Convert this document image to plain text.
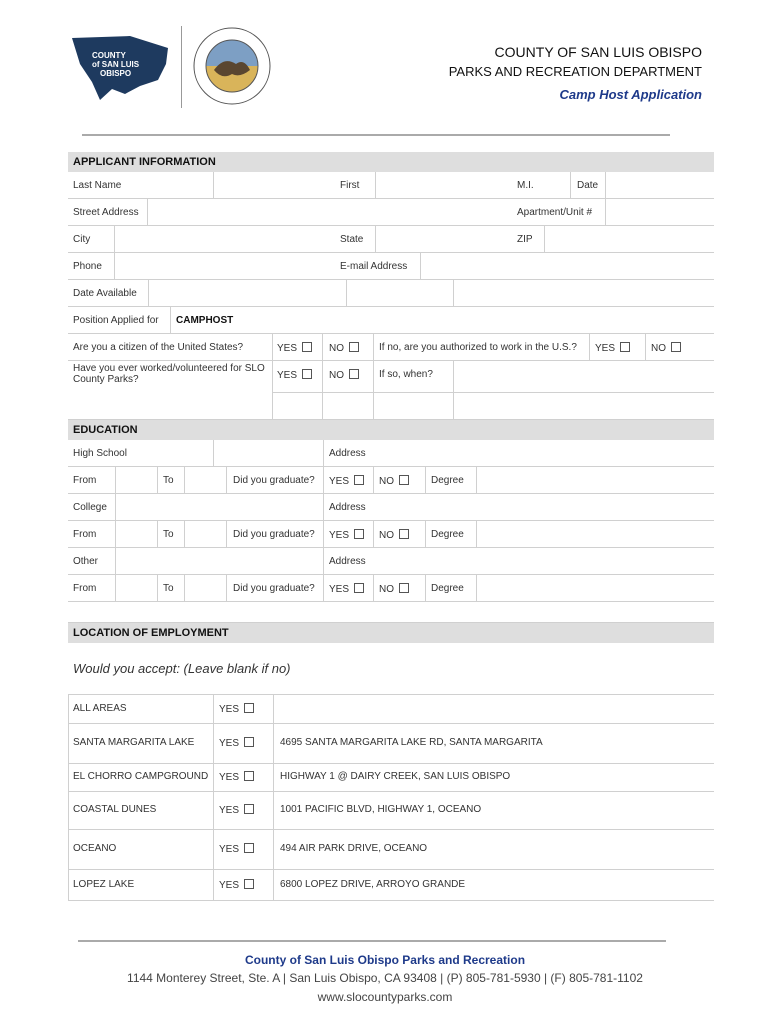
COUNTY
of SAN LUIS
OBISPO
COUNTY OF SAN LUIS OBISPO
PARKS AND RECREATION DEPARTMENT
Camp Host Application
APPLICANT INFORMATION
Last Name	First	M.I.	Date
Street Address	Apartment/Unit #
City	State	ZIP
Phone	E-mail Address
Date Available
Position Applied for CAMPHOST
Are you a citizen of the United States?	YES	NO	If no, are you authorized to work in the U.S.? YES	NO
Have you ever worked/volunteered for SLO County Parks?	YES	NO	If so, when?
EDUCATION
High School	Address
From	To	Did you graduate? YES	NO	Degree
College	Address
From	To	Did you graduate? YES	NO	Degree
Other	Address
From	To	Did you graduate? YES	NO	Degree
LOCATION OF EMPLOYMENT
Would you accept: (Leave blank if no)
ALL AREAS	YES
SANTA MARGARITA LAKE YES	4695 SANTA MARGARITA LAKE RD, SANTA MARGARITA
EL CHORRO CAMPGROUND YES	HIGHWAY 1 @ DAIRY CREEK, SAN LUIS OBISPO
COASTAL DUNES	YES	1001 PACIFIC BLVD, HIGHWAY 1, OCEANO
OCEANO	YES	494 AIR PARK DRIVE, OCEANO
LOPEZ LAKE	YES	6800 LOPEZ DRIVE, ARROYO GRANDE
County of San Luis Obispo Parks and Recreation
1144 Monterey Street, Ste. A | San Luis Obispo, CA 93408 | (P) 805-781-5930 | (F) 805-781-1102
www.slocountyparks.com
